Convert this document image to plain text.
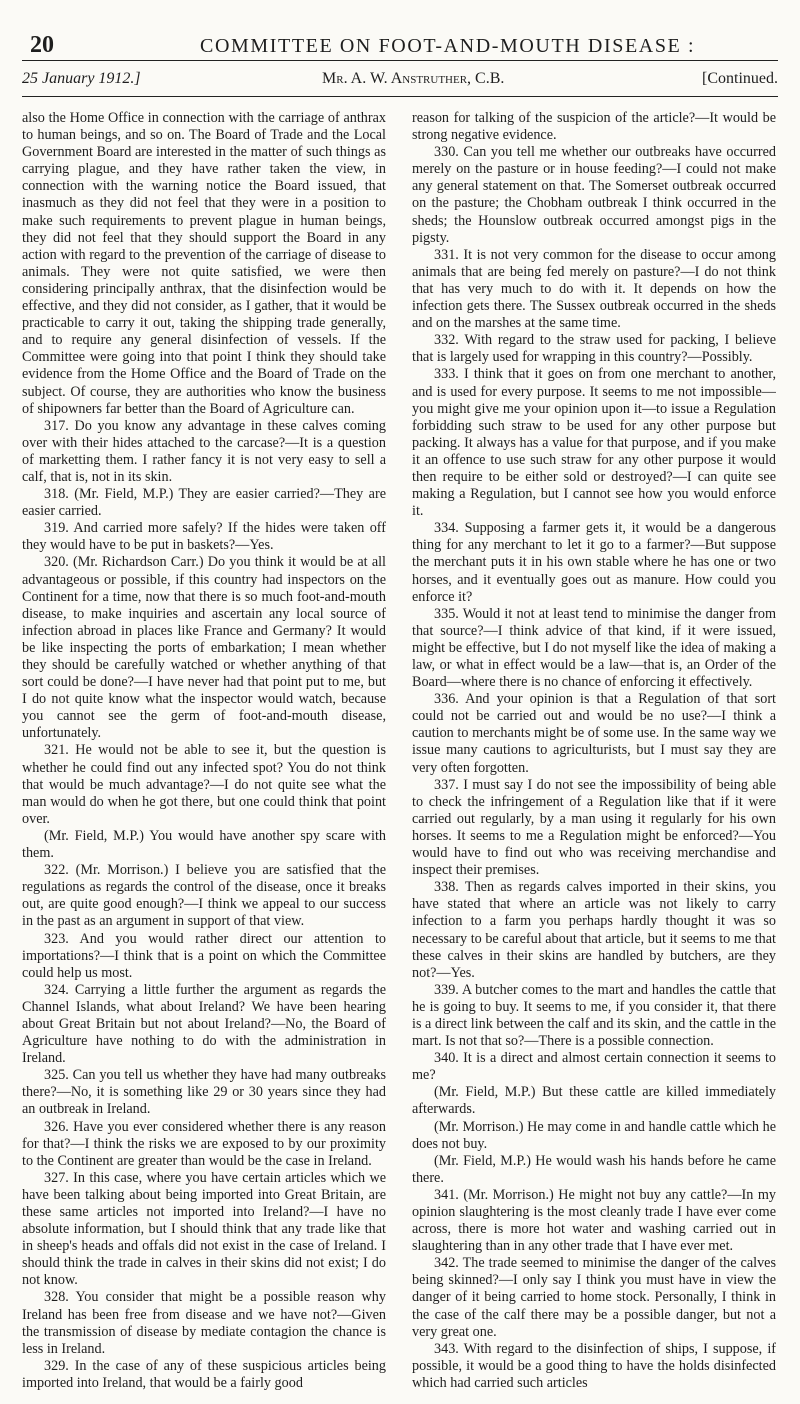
20	COMMITTEE ON FOOT-AND-MOUTH DISEASE :
25 January 1912.]	Mr. A. W. Anstruther, C.B.	[Continued.

also the Home Office in connection with the carriage of anthrax to human beings, and so on. The Board of Trade and the Local Government Board are interested in the matter of such things as carrying plague, and they have rather taken the view, in connection with the warning notice the Board issued, that inasmuch as they did not feel that they were in a position to make such requirements to prevent plague in human beings, they did not feel that they should support the Board in any action with regard to the prevention of the carriage of disease to animals. They were not quite satisfied, we were then considering principally anthrax, that the disinfection would be effective, and they did not consider, as I gather, that it would be practicable to carry it out, taking the shipping trade generally, and to require any general disinfection of vessels. If the Committee were going into that point I think they should take evidence from the Home Office and the Board of Trade on the subject. Of course, they are authorities who know the business of shipowners far better than the Board of Agriculture can.

317. Do you know any advantage in these calves coming over with their hides attached to the carcase?—It is a question of marketting them. I rather fancy it is not very easy to sell a calf, that is, not in its skin.

318. (Mr. Field, M.P.) They are easier carried?—They are easier carried.

319. And carried more safely? If the hides were taken off they would have to be put in baskets?—Yes.

320. (Mr. Richardson Carr.) Do you think it would be at all advantageous or possible, if this country had inspectors on the Continent for a time, now that there is so much foot-and-mouth disease, to make inquiries and ascertain any local source of infection abroad in places like France and Germany? It would be like inspecting the ports of embarkation; I mean whether they should be carefully watched or whether anything of that sort could be done?—I have never had that point put to me, but I do not quite know what the inspector would watch, because you cannot see the germ of foot-and-mouth disease, unfortunately.

321. He would not be able to see it, but the question is whether he could find out any infected spot? You do not think that would be much advantage?—I do not quite see what the man would do when he got there, but one could think that point over.

(Mr. Field, M.P.) You would have another spy scare with them.

322. (Mr. Morrison.) I believe you are satisfied that the regulations as regards the control of the disease, once it breaks out, are quite good enough?—I think we appeal to our success in the past as an argument in support of that view.

323. And you would rather direct our attention to importations?—I think that is a point on which the Committee could help us most.

324. Carrying a little further the argument as regards the Channel Islands, what about Ireland? We have been hearing about Great Britain but not about Ireland?—No, the Board of Agriculture have nothing to do with the administration in Ireland.

325. Can you tell us whether they have had many outbreaks there?—No, it is something like 29 or 30 years since they had an outbreak in Ireland.

326. Have you ever considered whether there is any reason for that?—I think the risks we are exposed to by our proximity to the Continent are greater than would be the case in Ireland.

327. In this case, where you have certain articles which we have been talking about being imported into Great Britain, are these same articles not imported into Ireland?—I have no absolute information, but I should think that any trade like that in sheep's heads and offals did not exist in the case of Ireland. I should think the trade in calves in their skins did not exist; I do not know.

328. You consider that might be a possible reason why Ireland has been free from disease and we have not?—Given the transmission of disease by mediate contagion the chance is less in Ireland.

329. In the case of any of these suspicious articles being imported into Ireland, that would be a fairly good

reason for talking of the suspicion of the article?—It would be strong negative evidence.

330. Can you tell me whether our outbreaks have occurred merely on the pasture or in house feeding?—I could not make any general statement on that. The Somerset outbreak occurred on the pasture; the Chobham outbreak I think occurred in the sheds; the Hounslow outbreak occurred amongst pigs in the pigsty.

331. It is not very common for the disease to occur among animals that are being fed merely on pasture?—I do not think that has very much to do with it. It depends on how the infection gets there. The Sussex outbreak occurred in the sheds and on the marshes at the same time.

332. With regard to the straw used for packing, I believe that is largely used for wrapping in this country?—Possibly.

333. I think that it goes on from one merchant to another, and is used for every purpose. It seems to me not impossible—you might give me your opinion upon it—to issue a Regulation forbidding such straw to be used for any other purpose but packing. It always has a value for that purpose, and if you make it an offence to use such straw for any other purpose it would then require to be either sold or destroyed?—I can quite see making a Regulation, but I cannot see how you would enforce it.

334. Supposing a farmer gets it, it would be a dangerous thing for any merchant to let it go to a farmer?—But suppose the merchant puts it in his own stable where he has one or two horses, and it eventually goes out as manure. How could you enforce it?

335. Would it not at least tend to minimise the danger from that source?—I think advice of that kind, if it were issued, might be effective, but I do not myself like the idea of making a law, or what in effect would be a law—that is, an Order of the Board—where there is no chance of enforcing it effectively.

336. And your opinion is that a Regulation of that sort could not be carried out and would be no use?—I think a caution to merchants might be of some use. In the same way we issue many cautions to agriculturists, but I must say they are very often forgotten.

337. I must say I do not see the impossibility of being able to check the infringement of a Regulation like that if it were carried out regularly, by a man using it regularly for his own horses. It seems to me a Regulation might be enforced?—You would have to find out who was receiving merchandise and inspect their premises.

338. Then as regards calves imported in their skins, you have stated that where an article was not likely to carry infection to a farm you perhaps hardly thought it was so necessary to be careful about that article, but it seems to me that these calves in their skins are handled by butchers, are they not?—Yes.

339. A butcher comes to the mart and handles the cattle that he is going to buy. It seems to me, if you consider it, that there is a direct link between the calf and its skin, and the cattle in the mart. Is not that so?—There is a possible connection.

340. It is a direct and almost certain connection it seems to me?

(Mr. Field, M.P.) But these cattle are killed immediately afterwards.

(Mr. Morrison.) He may come in and handle cattle which he does not buy.

(Mr. Field, M.P.) He would wash his hands before he came there.

341. (Mr. Morrison.) He might not buy any cattle?—In my opinion slaughtering is the most cleanly trade I have ever come across, there is more hot water and washing carried out in slaughtering than in any other trade that I have ever met.

342. The trade seemed to minimise the danger of the calves being skinned?—I only say I think you must have in view the danger of it being carried to home stock. Personally, I think in the case of the calf there may be a possible danger, but not a very great one.

343. With regard to the disinfection of ships, I suppose, if possible, it would be a good thing to have the holds disinfected which had carried such articles
